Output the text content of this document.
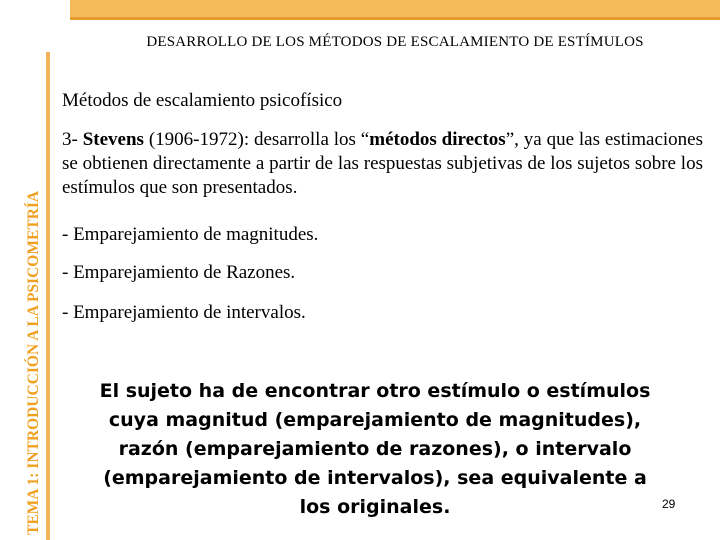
DESARROLLO DE LOS MÉTODOS DE ESCALAMIENTO DE ESTÍMULOS
TEMA 1: INTRODUCCIÓN A LA PSICOMETRÍA
Métodos de escalamiento psicofísico
3- Stevens (1906-1972): desarrolla los “métodos directos”, ya que las estimaciones se obtienen directamente a partir de las respuestas subjetivas de los sujetos sobre los estímulos que son presentados.
- Emparejamiento de magnitudes.
- Emparejamiento de Razones.
- Emparejamiento de intervalos.
El sujeto ha de encontrar otro estímulo o estímulos cuya magnitud (emparejamiento de magnitudes), razón (emparejamiento de razones), o intervalo (emparejamiento de intervalos), sea equivalente a los originales.	29
